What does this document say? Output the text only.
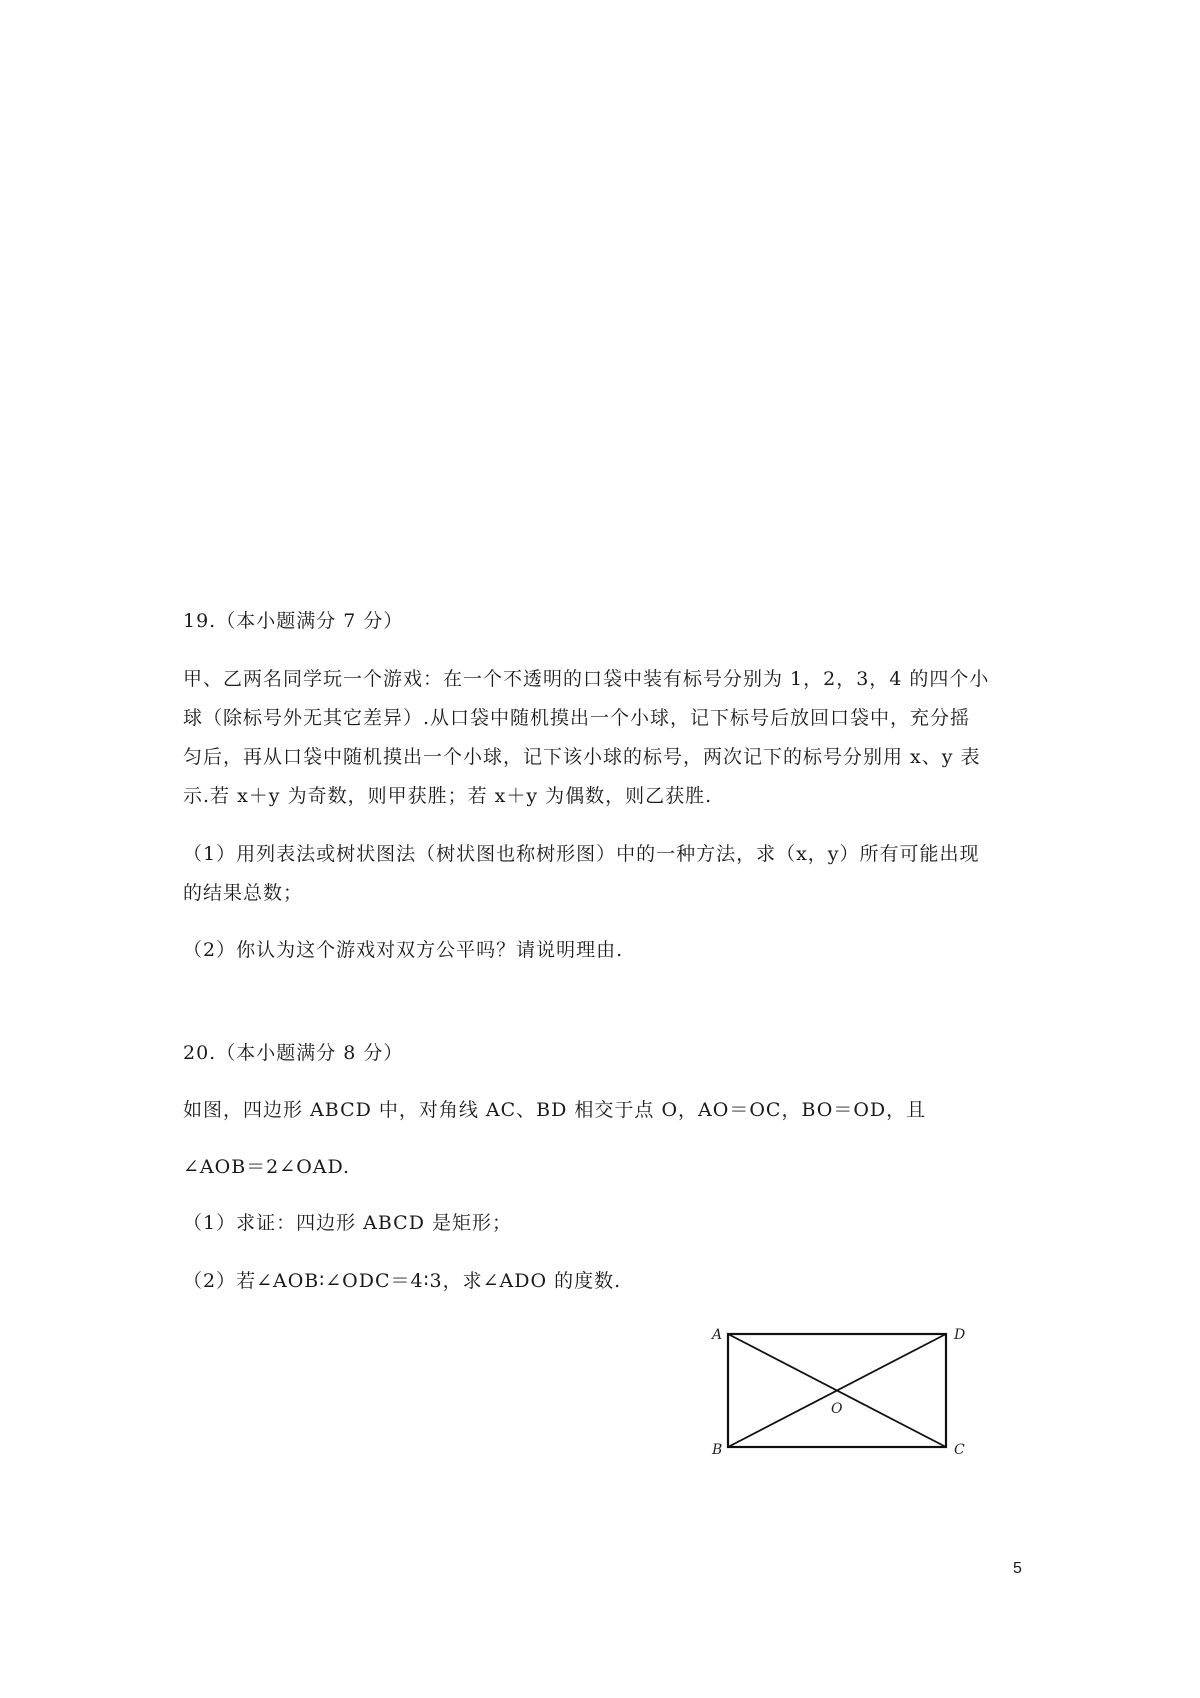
19.（本小题满分 7 分）
甲、乙两名同学玩一个游戏：在一个不透明的口袋中装有标号分别为 1，2，3，4 的四个小
球（除标号外无其它差异）.从口袋中随机摸出一个小球，记下标号后放回口袋中，充分摇
匀后，再从口袋中随机摸出一个小球，记下该小球的标号，两次记下的标号分别用 x、y 表
示.若 x＋y 为奇数，则甲获胜；若 x＋y 为偶数，则乙获胜.
（1）用列表法或树状图法（树状图也称树形图）中的一种方法，求（x，y）所有可能出现
的结果总数；
（2）你认为这个游戏对双方公平吗？请说明理由.
20.（本小题满分 8 分）
如图，四边形 ABCD 中，对角线 AC、BD 相交于点 O，AO＝OC，BO＝OD，且
∠AOB＝2∠OAD.
（1）求证：四边形 ABCD 是矩形；
（2）若∠AOB∶∠ODC＝4∶3，求∠ADO 的度数.
A	D
B	C
O
5
